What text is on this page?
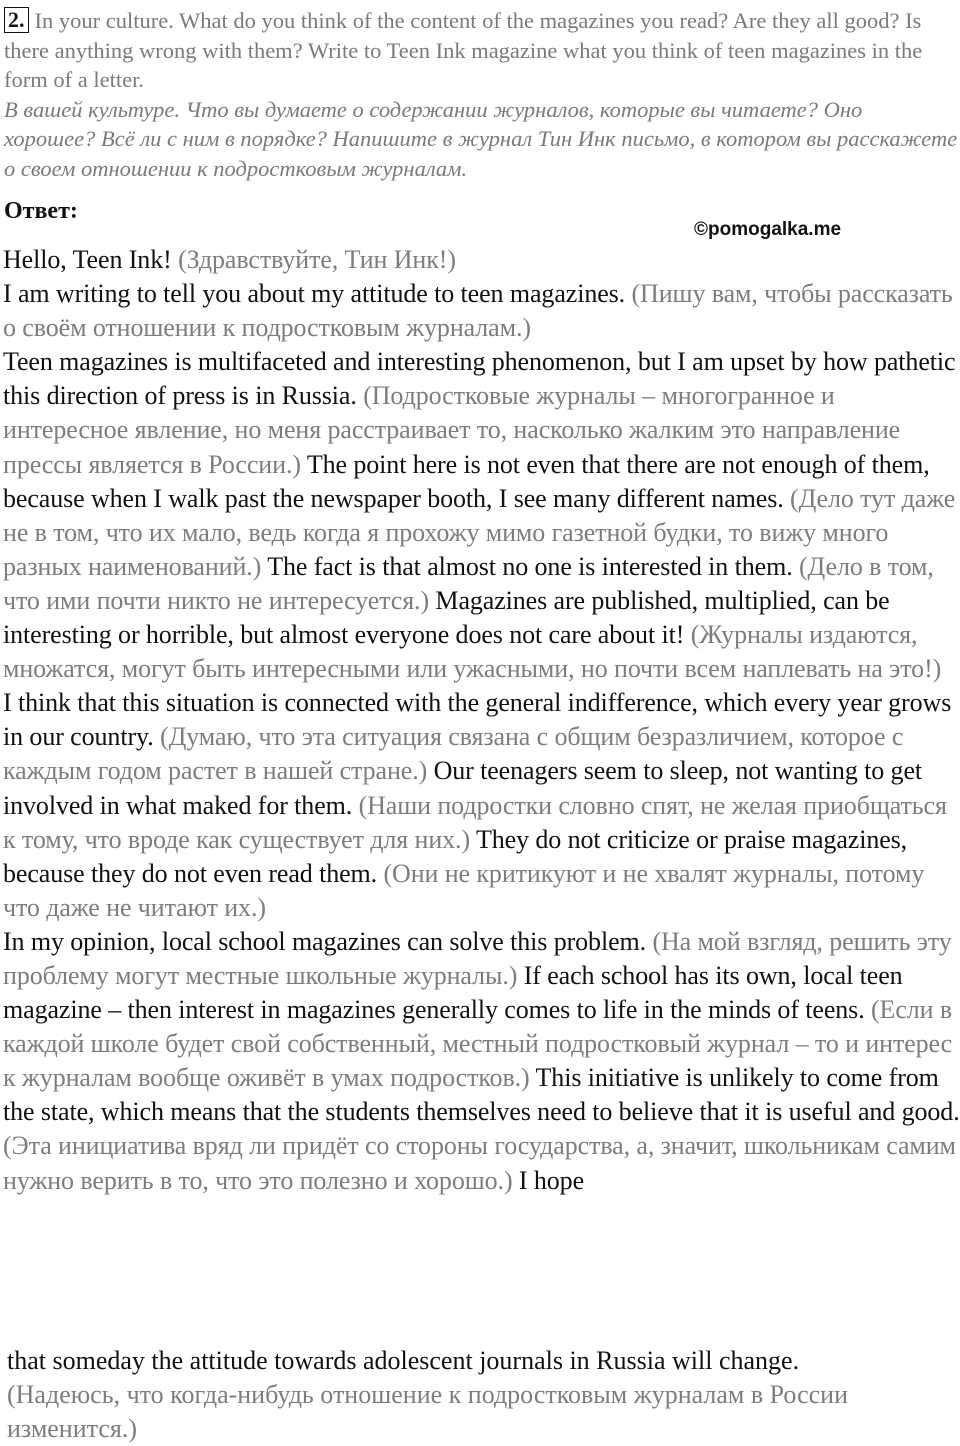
2. In your culture. What do you think of the content of the magazines you read? Are they all good? Is there anything wrong with them? Write to Teen Ink magazine what you think of teen magazines in the form of a letter.
В вашей культуре. Что вы думаете о содержании журналов, которые вы читаете? Оно хорошее? Всё ли с ним в порядке? Напишите в журнал Тин Инк письмо, в котором вы расскажете о своем отношении к подростковым журналам.
Ответ:
©pomogalka.me

Hello, Teen Ink! (Здравствуйте, Тин Инк!)

I am writing to tell you about my attitude to teen magazines. (Пишу вам, чтобы рассказать о своём отношении к подростковым журналам.)

Teen magazines is multifaceted and interesting phenomenon, but I am upset by how pathetic this direction of press is in Russia. (Подростковые журналы – многогранное и интересное явление, но меня расстраивает то, насколько жалким это направление прессы является в России.) The point here is not even that there are not enough of them, because when I walk past the newspaper booth, I see many different names. (Дело тут даже не в том, что их мало, ведь когда я прохожу мимо газетной будки, то вижу много разных наименований.) The fact is that almost no one is interested in them. (Дело в том, что ими почти никто не интересуется.) Magazines are published, multiplied, can be interesting or horrible, but almost everyone does not care about it! (Журналы издаются, множатся, могут быть интересными или ужасными, но почти всем наплевать на это!)

I think that this situation is connected with the general indifference, which every year grows in our country. (Думаю, что эта ситуация связана с общим безразличием, которое с каждым годом растет в нашей стране.) Our teenagers seem to sleep, not wanting to get involved in what maked for them. (Наши подростки словно спят, не желая приобщаться к тому, что вроде как существует для них.) They do not criticize or praise magazines, because they do not even read them. (Они не критикуют и не хвалят журналы, потому что даже не читают их.)

In my opinion, local school magazines can solve this problem. (На мой взгляд, решить эту проблему могут местные школьные журналы.) If each school has its own, local teen magazine – then interest in magazines generally comes to life in the minds of teens. (Если в каждой школе будет свой собственный, местный подростковый журнал – то и интерес к журналам вообще оживёт в умах подростков.) This initiative is unlikely to come from the state, which means that the students themselves need to believe that it is useful and good. (Эта инициатива вряд ли придёт со стороны государства, а, значит, школьникам самим нужно верить в то, что это полезно и хорошо.) I hope

that someday the attitude towards adolescent journals in Russia will change.

(Надеюсь, что когда-нибудь отношение к подростковым журналам в России изменится.)
